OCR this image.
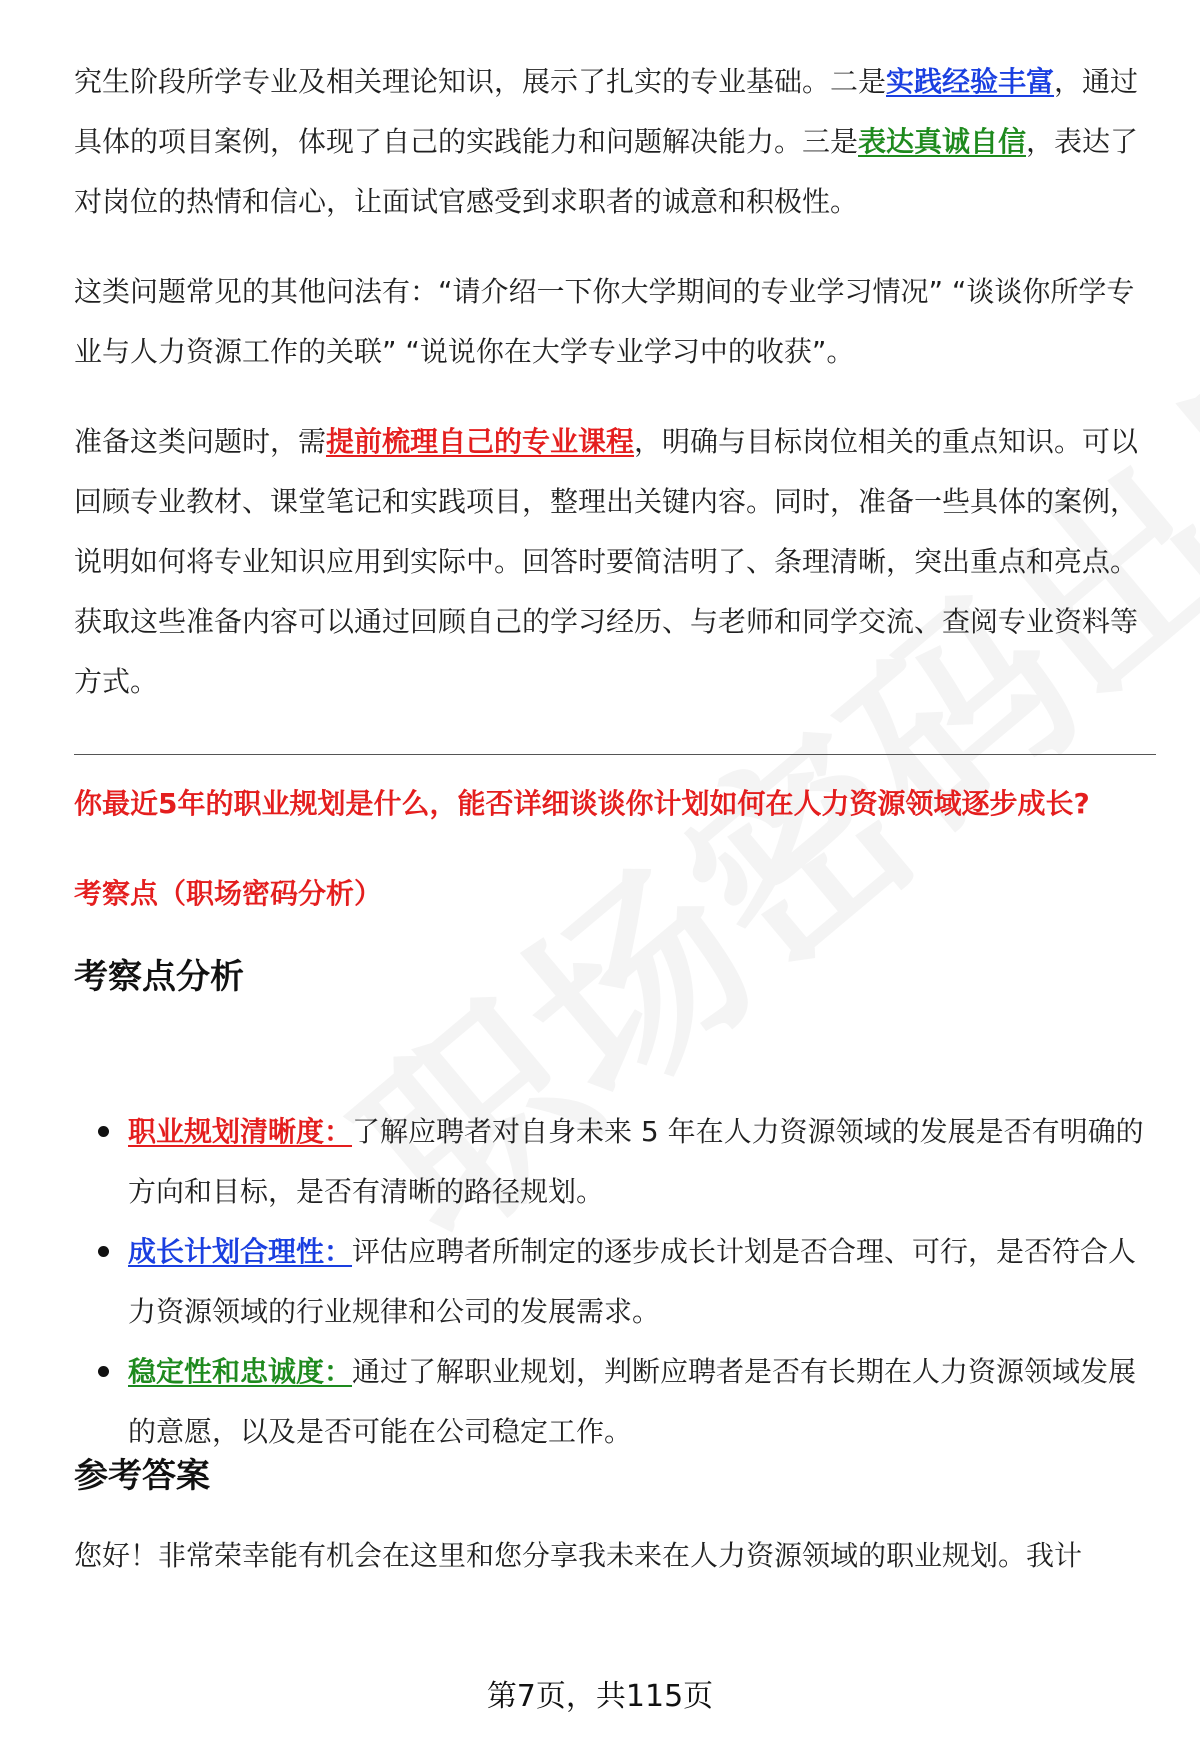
究生阶段所学专业及相关理论知识，展示了扎实的专业基础。二是实践经验丰富，通过具体的项目案例，体现了自己的实践能力和问题解决能力。三是表达真诚自信，表达了对岗位的热情和信心，让面试官感受到求职者的诚意和积极性。

这类问题常见的其他问法有：“请介绍一下你大学期间的专业学习情况” “谈谈你所学专业与人力资源工作的关联” “说说你在大学专业学习中的收获”。

准备这类问题时，需提前梳理自己的专业课程，明确与目标岗位相关的重点知识。可以回顾专业教材、课堂笔记和实践项目，整理出关键内容。同时，准备一些具体的案例，说明如何将专业知识应用到实际中。回答时要简洁明了、条理清晰，突出重点和亮点。获取这些准备内容可以通过回顾自己的学习经历、与老师和同学交流、查阅专业资料等方式。

你最近5年的职业规划是什么，能否详细谈谈你计划如何在人力资源领域逐步成长?

考察点（职场密码分析）

考察点分析
职业规划清晰度：了解应聘者对自身未来 5 年在人力资源领域的发展是否有明确的方向和目标，是否有清晰的路径规划。
成长计划合理性：评估应聘者所制定的逐步成长计划是否合理、可行，是否符合人力资源领域的行业规律和公司的发展需求。
稳定性和忠诚度：通过了解职业规划，判断应聘者是否有长期在人力资源领域发展的意愿，以及是否可能在公司稳定工作。
参考答案

您好！非常荣幸能有机会在这里和您分享我未来在人力资源领域的职业规划。我计

第7页，共115页
